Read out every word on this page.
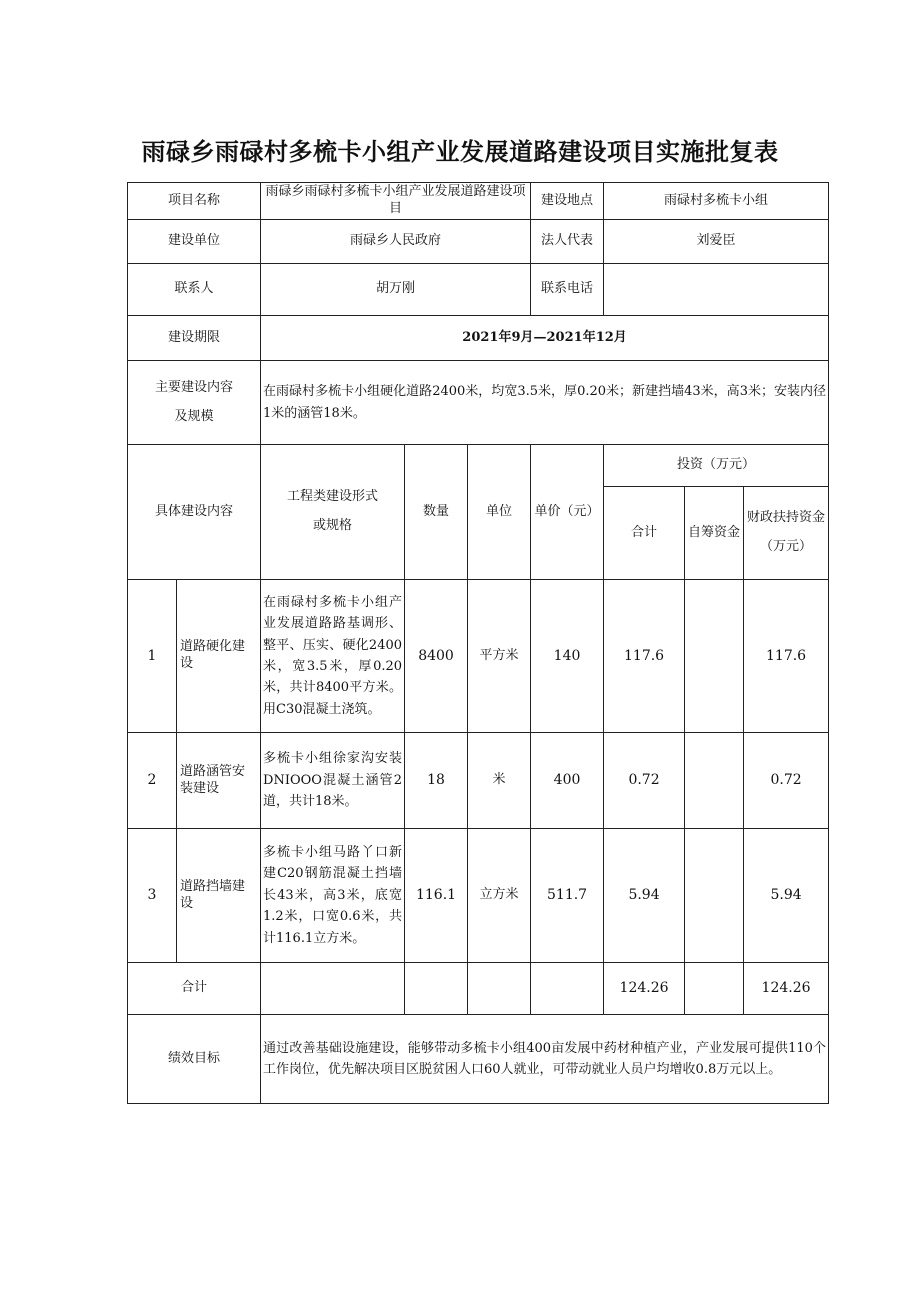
雨碌乡雨碌村多梳卡小组产业发展道路建设项目实施批复表
项目名称		雨碌乡雨碌村多梳卡小组产业发展道路建设项目			建设地点	雨碌村多梳卡小组		
建设单位		雨碌乡人民政府			法人代表	刘爱臣		
联系人		胡万刚			联系电话			
建设期限		2021年9月—2021年12月						

主要建设内容
及规模		在雨碌村多梳卡小组硬化道路2400米，均宽3.5米，厚0.20米；新建挡墙43米，高3米；安装内径1米的涵管18米。						
具体建设内容		工程类建设形式
或规格	数量	单位	单价（元）	投资（万元）		
						合计	自筹资金	财政扶持资金（万元）
1	道路硬化建设	在雨碌村多梳卡小组产业发展道路路基调形、整平、压实、硬化2400米，宽3.5米，厚0.20米，共计8400平方米。用C30混凝土浇筑。	8400	平方米	140	117.6		117.6
2	道路涵管安装建设	多梳卡小组徐家沟安装DNIOOO混凝土涵管2道，共计18米。	18	米	400	0.72		0.72
3	道路挡墙建设	多梳卡小组马路丫口新建C20钢筋混凝土挡墙长43米，高3米，底宽1.2米，口宽0.6米，共计116.1立方米。	116.1	立方米	511.7	5.94		5.94
合计						124.26		124.26
绩效目标		通过改善基础设施建设，能够带动多梳卡小组400亩发展中药材种植产业，产业发展可提供110个工作岗位，优先解决项目区脱贫困人口60人就业，可带动就业人员户均增收0.8万元以上。						
